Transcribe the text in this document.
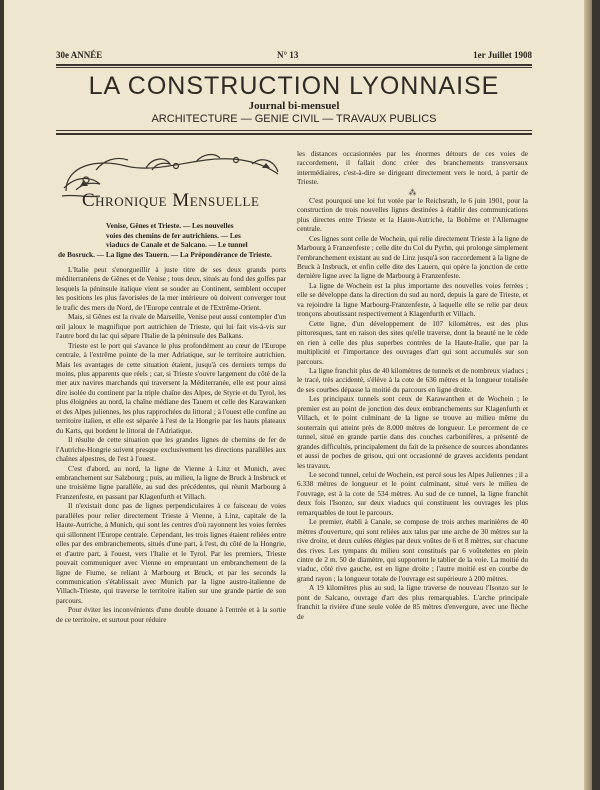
30e ANNÉE	N° 13	1er Juillet 1908
LA CONSTRUCTION LYONNAISE
Journal bi-mensuel
ARCHITECTURE — GENIE CIVIL — TRAVAUX PUBLICS
Chronique Mensuelle
Venise, Gênes et Trieste. — Les nouvelles
voies des chemins de fer autrichiens. — Les
viaducs de Canale et de Salcano. — Le tunnel
de Bosruck. — La ligne des Tauern. — La Prépondérance de Trieste.

L'Italie peut s'enorgueillir à juste titre de ses deux grands ports méditerranéens de Gênes et de Venise ; tous deux, situés au fond des golfes par lesquels la péninsule italique vient se souder au Continent, semblent occuper les positions les plus favorisées de la mer intérieure où doivent converger tout le trafic des mers du Nord, de l'Europe centrale et de l'Extrême-Orient.

Mais, si Gênes est la rivale de Marseille, Venise peut aussi contempler d'un œil jaloux le magnifique port autrichien de Trieste, qui lui fait vis-à-vis sur l'autre bord du lac qui sépare l'Italie de la péninsule des Balkans.

Trieste est le port qui s'avance le plus profondément au cœur de l'Europe centrale, à l'extrême pointe de la mer Adriatique, sur le territoire autrichien. Mais les avantages de cette situation étaient, jusqu'à ces derniers temps du moins, plus apparents que réels ; car, si Trieste s'ouvre largement du côté de la mer aux navires marchands qui traversent la Méditerranée, elle est pour ainsi dire isolée du continent par la triple chaîne des Alpes, de Styrie et du Tyrol, les plus éloignées au nord, la chaîne médiane des Tauern et celle des Karawanken et des Alpes juliennes, les plus rapprochées du littoral ; à l'ouest elle confine au territoire italien, et elle est séparée à l'est de la Hongrie par les hauts plateaux du Karts, qui bordent le littoral de l'Adriatique.

Il résulte de cette situation que les grandes lignes de chemins de fer de l'Autriche-Hongrie suivent presque exclusivement les directions parallèles aux chaînes alpestres, de l'est à l'ouest.

C'est d'abord, au nord, la ligne de Vienne à Linz et Munich, avec embranchement sur Salzbourg ; puis, au milieu, la ligne de Bruck à Insbruck et une troisième ligne parallèle, au sud des précédentes, qui réunit Marbourg à Franzenfeste, en passant par Klagenfurth et Villach.

Il n'existait donc pas de lignes perpendiculaires à ce faisceau de voies parallèles pour relier directement Trieste à Vienne, à Linz, capitale de la Haute-Autriche, à Munich, qui sont les centres d'où rayonnent les voies ferrées qui sillonnent l'Europe centrale. Cependant, les trois lignes étaient reliées entre elles par des embranchements, situés d'une part, à l'est, du côté de la Hongrie, et d'autre part, à l'ouest, vers l'Italie et le Tyrol. Par les premiers, Trieste pouvait communiquer avec Vienne en empruntant un embranchement de la ligne de Fiume, se reliant à Marbourg et Bruck, et par les seconds la communication s'établissait avec Munich par la ligne austro-italienne de Villach-Trieste, qui traverse le territoire italien sur une grande partie de son parcours.

Pour éviter les inconvénients d'une double douane à l'entrée et à la sortie de ce territoire, et surtout pour réduire

les distances occasionnées par les énormes détours de ces voies de raccordement, il fallait donc créer des branchements transversaux intermédiaires, c'est-à-dire se dirigeant directement vers le nord, à partir de Trieste.

⁂

C'est pourquoi une loi fut votée par le Reichsrath, le 6 juin 1901, pour la construction de trois nouvelles lignes destinées à établir des communications plus directes entre Trieste et la Haute-Autriche, la Bohême et l'Allemagne centrale.

Ces lignes sont celle de Wochein, qui relie directement Trieste à la ligne de Marbourg à Franzenfeste ; celle dite du Col du Pyrhn, qui prolonge simplement l'embranchement existant au sud de Linz jusqu'à son raccordement à la ligne de Bruck à Insbruck, et enfin celle dite des Lauern, qui opère la jonction de cette dernière ligne avec la ligne de Marbourg à Franzenfeste.

La ligne de Wochein est la plus importante des nouvelles voies ferrées ; elle se développe dans la direction du sud au nord, depuis la gare de Trieste, et va rejoindre la ligne Marbourg-Franzenfeste, à laquelle elle se relie par deux tronçons aboutissant respectivement à Klagenfurth et Villach.

Cette ligne, d'un développement de 107 kilomètres, est des plus pittoresques, tant en raison des sites qu'elle traverse, dont la beauté ne le cède en rien à celle des plus superbes contrées de la Haute-Italie, que par la multiplicité et l'importance des ouvrages d'art qui sont accumulés sur son parcours.

La ligne franchit plus de 40 kilomètres de tunnels et de nombreux viaducs ; le tracé, très accidenté, s'élève à la cote de 636 mètres et la longueur totalisée de ses courbes dépasse la moitié du parcours en ligne droite.

Les principaux tunnels sont ceux de Karawanthen et de Wochein ; le premier est au point de jonction des deux embranchements sur Klagenfurth et Villach, et le point culminant de la ligne se trouve au milieu même du souterrain qui atteint près de 8.000 mètres de longueur. Le percement de ce tunnel, situé en grande partie dans des couches carbonifères, a présenté de grandes difficultés, principalement du fait de la présence de sources abondantes et aussi de poches de grisou, qui ont occasionné de graves accidents pendant les travaux.

Le second tunnel, celui de Wochein, est percé sous les Alpes Juliennes ; il a 6.338 mètres de longueur et le point culminant, situé vers le milieu de l'ouvrage, est à la cote de 534 mètres. Au sud de ce tunnel, la ligne franchit deux fois l'Isonzo, sur deux viaducs qui constituent les ouvrages les plus remarquables de tout le parcours.

Le premier, établi à Canale, se compose de trois arches marinières de 40 mètres d'ouverture, qui sont reliées aux talus par une arche de 30 mètres sur la rive droite, et deux culées élégies par deux voûtes de 6 et 8 mètres, sur chacune des rives. Les tympans du milieu sont constitués par 6 voûtelettes en plein cintre de 2 m. 50 de diamètre, qui supportent le tablier de la voie. La moitié du viaduc, côté rive gauche, est en ligne droite ; l'autre moitié est en courbe de grand rayon ; la longueur totale de l'ouvrage est supérieure à 200 mètres.

A 19 kilomètres plus au sud, la ligne traverse de nouveau l'Isonzo sur le pont de Salcano, ouvrage d'art des plus remarquables. L'arche principale franchit la rivière d'une seule volée de 85 mètres d'envergure, avec une flèche de
